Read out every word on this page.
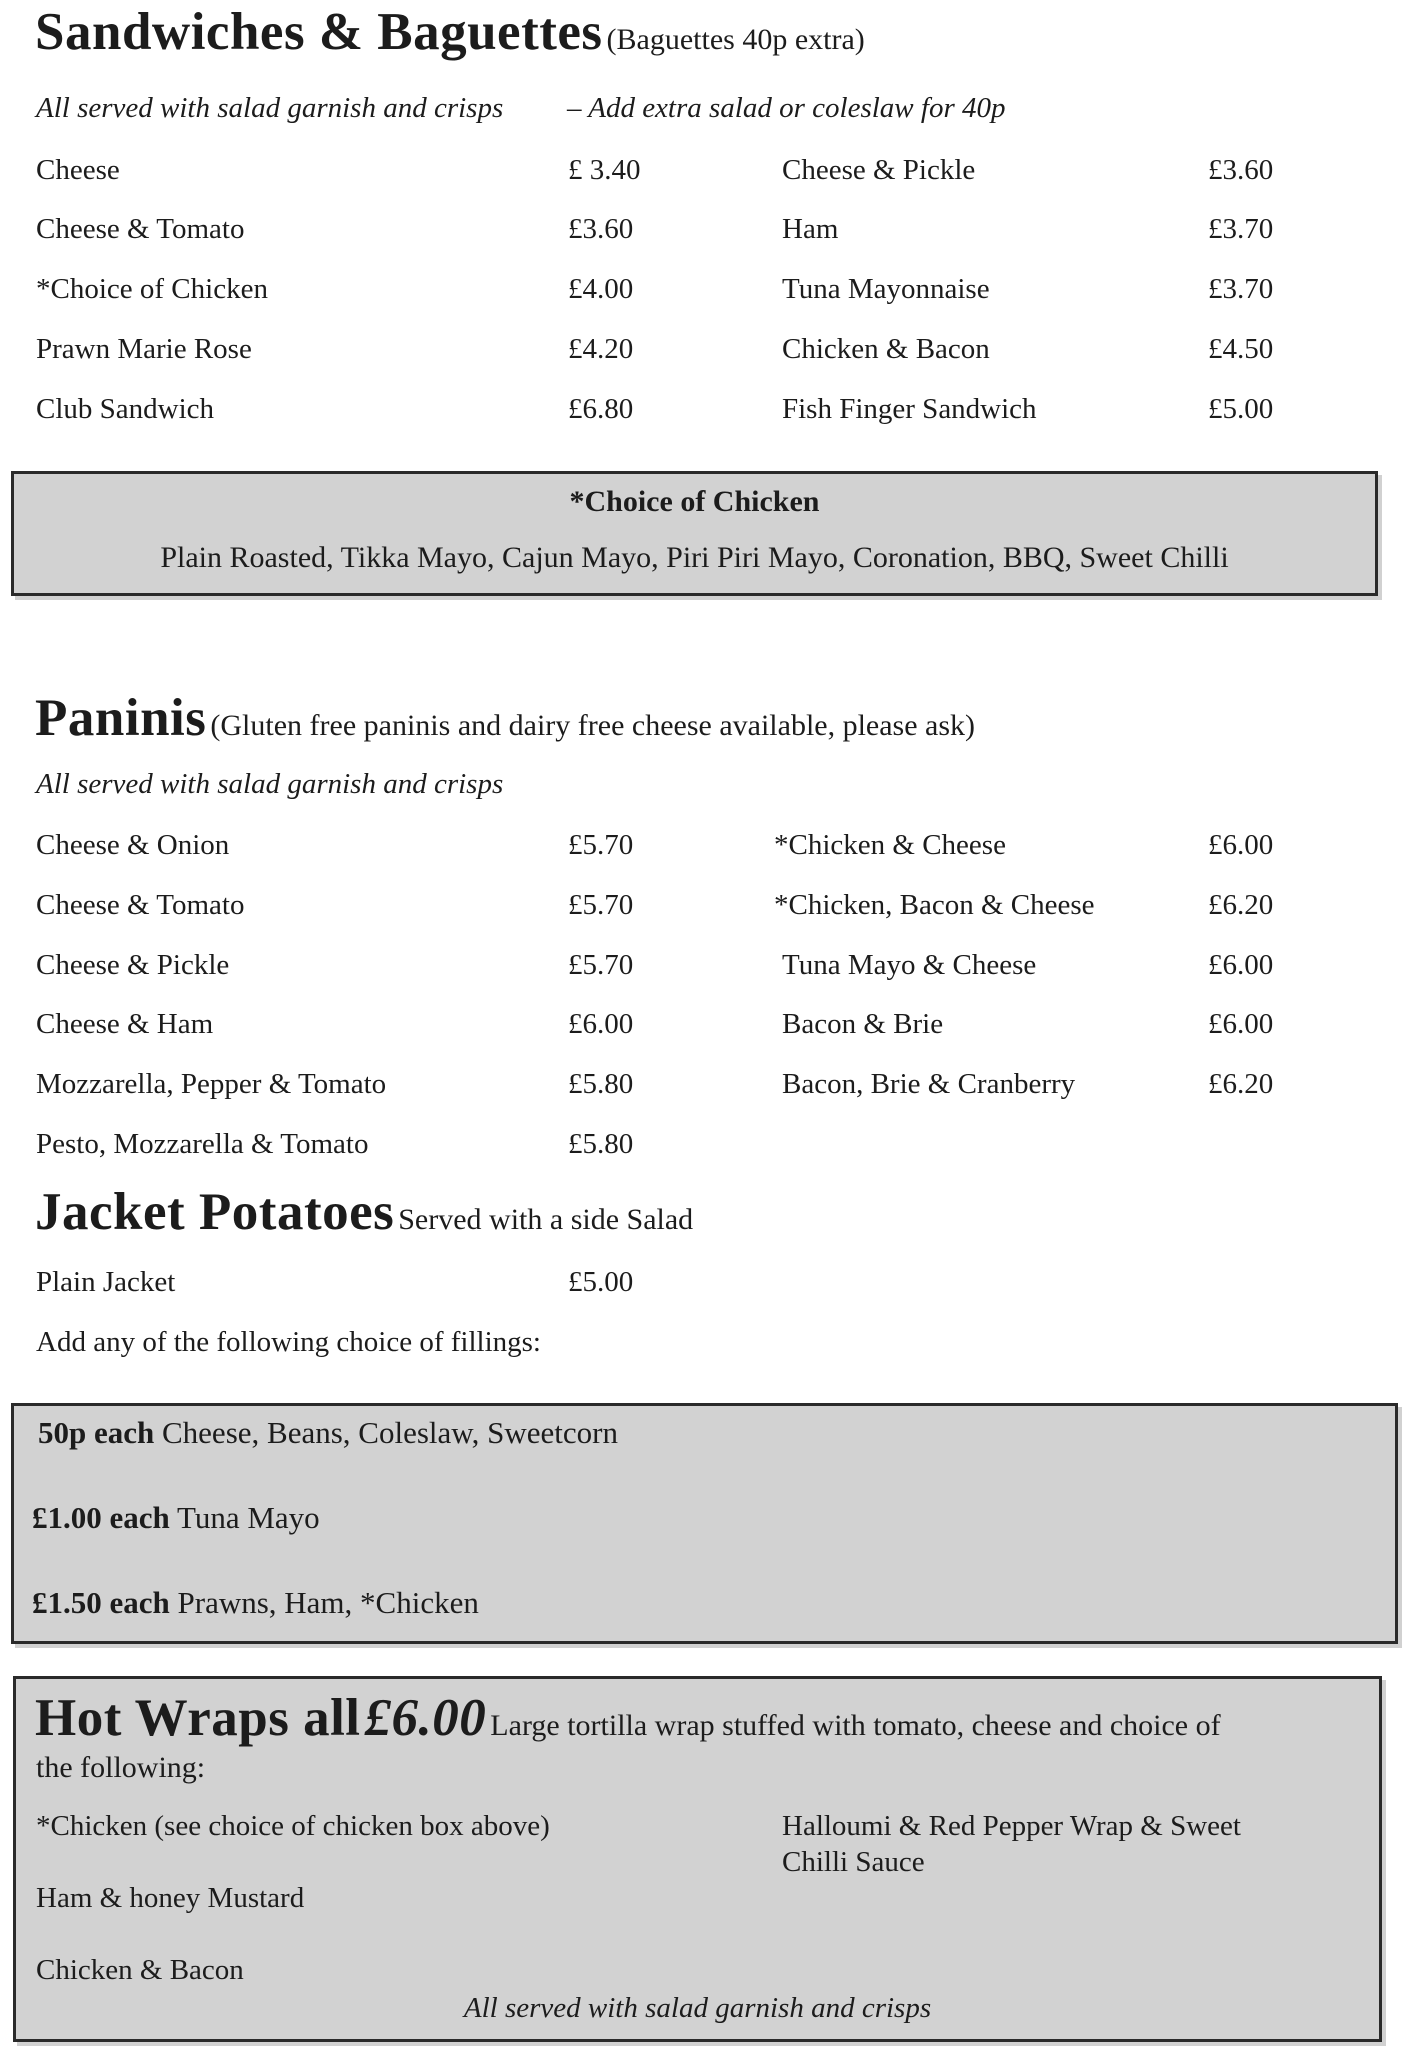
Sandwiches & Baguettes (Baguettes 40p extra)
All served with salad garnish and crisps – Add extra salad or coleslaw for 40p
Cheese	£ 3.40
Cheese & Tomato	£3.60
*Choice of Chicken	£4.00
Prawn Marie Rose	£4.20
Club Sandwich	£6.80
Cheese & Pickle	£3.60
Ham	£3.70
Tuna Mayonnaise	£3.70
Chicken & Bacon	£4.50
Fish Finger Sandwich	£5.00
*Choice of Chicken
Plain Roasted, Tikka Mayo, Cajun Mayo, Piri Piri Mayo, Coronation, BBQ, Sweet Chilli
Paninis (Gluten free paninis and dairy free cheese available, please ask)
All served with salad garnish and crisps
Cheese & Onion	£5.70
Cheese & Tomato	£5.70
Cheese & Pickle	£5.70
Cheese & Ham	£6.00
Mozzarella, Pepper & Tomato	£5.80
Pesto, Mozzarella & Tomato	£5.80
*Chicken & Cheese	£6.00
*Chicken, Bacon & Cheese	£6.20
Tuna Mayo & Cheese	£6.00
Bacon & Brie	£6.00
Bacon, Brie & Cranberry	£6.20
Jacket Potatoes Served with a side Salad
Plain Jacket	£5.00
Add any of the following choice of fillings:
50p each Cheese, Beans, Coleslaw, Sweetcorn
£1.00 each Tuna Mayo
£1.50 each Prawns, Ham, *Chicken
Hot Wraps all £6.00 Large tortilla wrap stuffed with tomato, cheese and choice of
the following:
*Chicken (see choice of chicken box above)
Ham & honey Mustard
Chicken & Bacon
Halloumi & Red Pepper Wrap & Sweet
Chilli Sauce
All served with salad garnish and crisps
